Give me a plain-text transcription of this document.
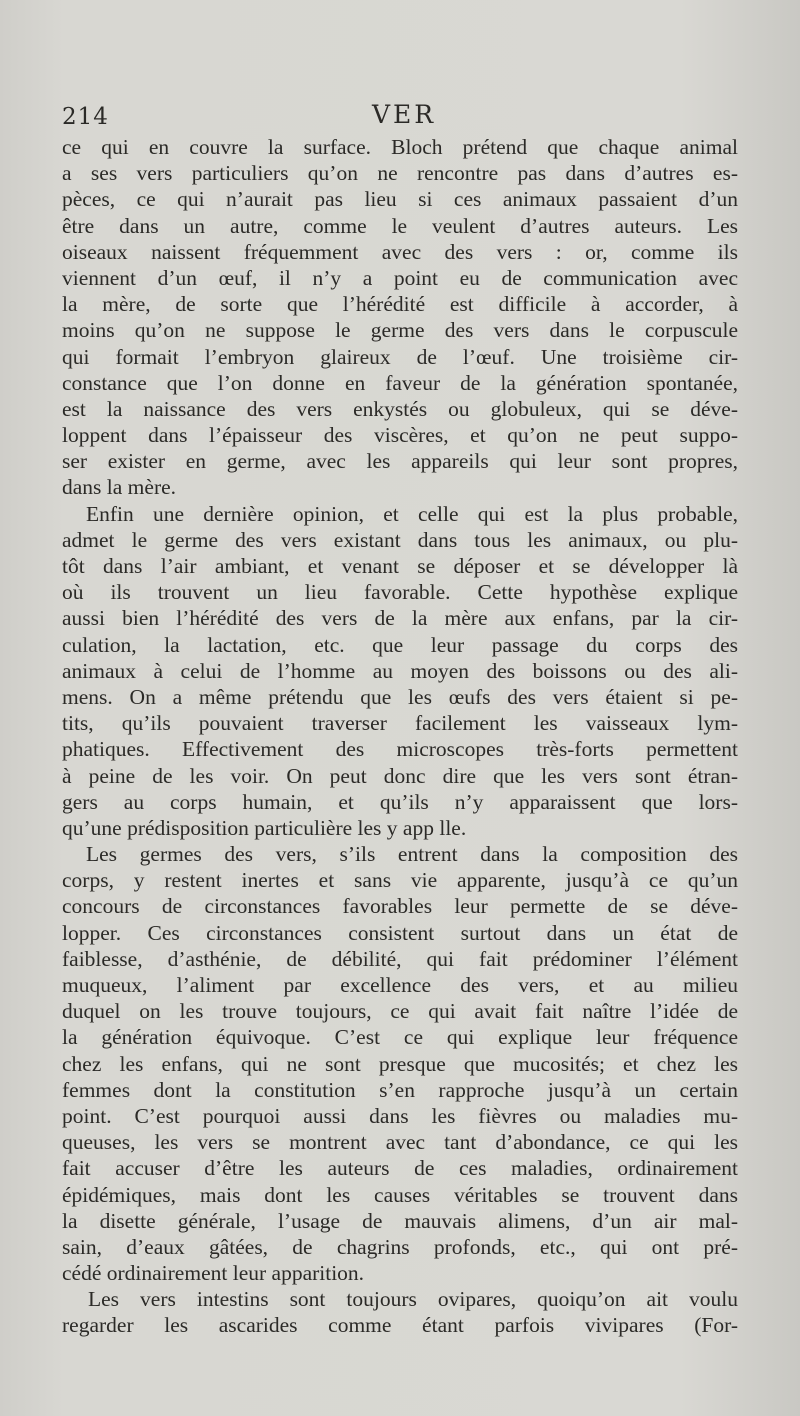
214	VER
ce qui en couvre la surface. Bloch prétend que chaque animal
a ses vers particuliers qu’on ne rencontre pas dans d’autres es-
pèces, ce qui n’aurait pas lieu si ces animaux passaient d’un
être dans un autre, comme le veulent d’autres auteurs. Les
oiseaux naissent fréquemment avec des vers : or, comme ils
viennent d’un œuf, il n’y a point eu de communication avec
la mère, de sorte que l’hérédité est difficile à accorder, à
moins qu’on ne suppose le germe des vers dans le corpuscule
qui formait l’embryon glaireux de l’œuf. Une troisième cir-
constance que l’on donne en faveur de la génération spontanée,
est la naissance des vers enkystés ou globuleux, qui se déve-
loppent dans l’épaisseur des viscères, et qu’on ne peut suppo-
ser exister en germe, avec les appareils qui leur sont propres,
dans la mère.
Enfin une dernière opinion, et celle qui est la plus probable,
admet le germe des vers existant dans tous les animaux, ou plu-
tôt dans l’air ambiant, et venant se déposer et se développer là
où ils trouvent un lieu favorable. Cette hypothèse explique
aussi bien l’hérédité des vers de la mère aux enfans, par la cir-
culation, la lactation, etc. que leur passage du corps des
animaux à celui de l’homme au moyen des boissons ou des ali-
mens. On a même prétendu que les œufs des vers étaient si pe-
tits, qu’ils pouvaient traverser facilement les vaisseaux lym-
phatiques. Effectivement des microscopes très-forts permettent
à peine de les voir. On peut donc dire que les vers sont étran-
gers au corps humain, et qu’ils n’y apparaissent que lors-
qu’une prédisposition particulière les y app lle.
Les germes des vers, s’ils entrent dans la composition des
corps, y restent inertes et sans vie apparente, jusqu’à ce qu’un
concours de circonstances favorables leur permette de se déve-
lopper. Ces circonstances consistent surtout dans un état de
faiblesse, d’asthénie, de débilité, qui fait prédominer l’élément
muqueux, l’aliment par excellence des vers, et au milieu
duquel on les trouve toujours, ce qui avait fait naître l’idée de
la génération équivoque. C’est ce qui explique leur fréquence
chez les enfans, qui ne sont presque que mucosités; et chez les
femmes dont la constitution s’en rapproche jusqu’à un certain
point. C’est pourquoi aussi dans les fièvres ou maladies mu-
queuses, les vers se montrent avec tant d’abondance, ce qui les
fait accuser d’être les auteurs de ces maladies, ordinairement
épidémiques, mais dont les causes véritables se trouvent dans
la disette générale, l’usage de mauvais alimens, d’un air mal-
sain, d’eaux gâtées, de chagrins profonds, etc., qui ont pré-
cédé ordinairement leur apparition.
Les vers intestins sont toujours ovipares, quoiqu’on ait voulu
regarder les ascarides comme étant parfois vivipares (For-
